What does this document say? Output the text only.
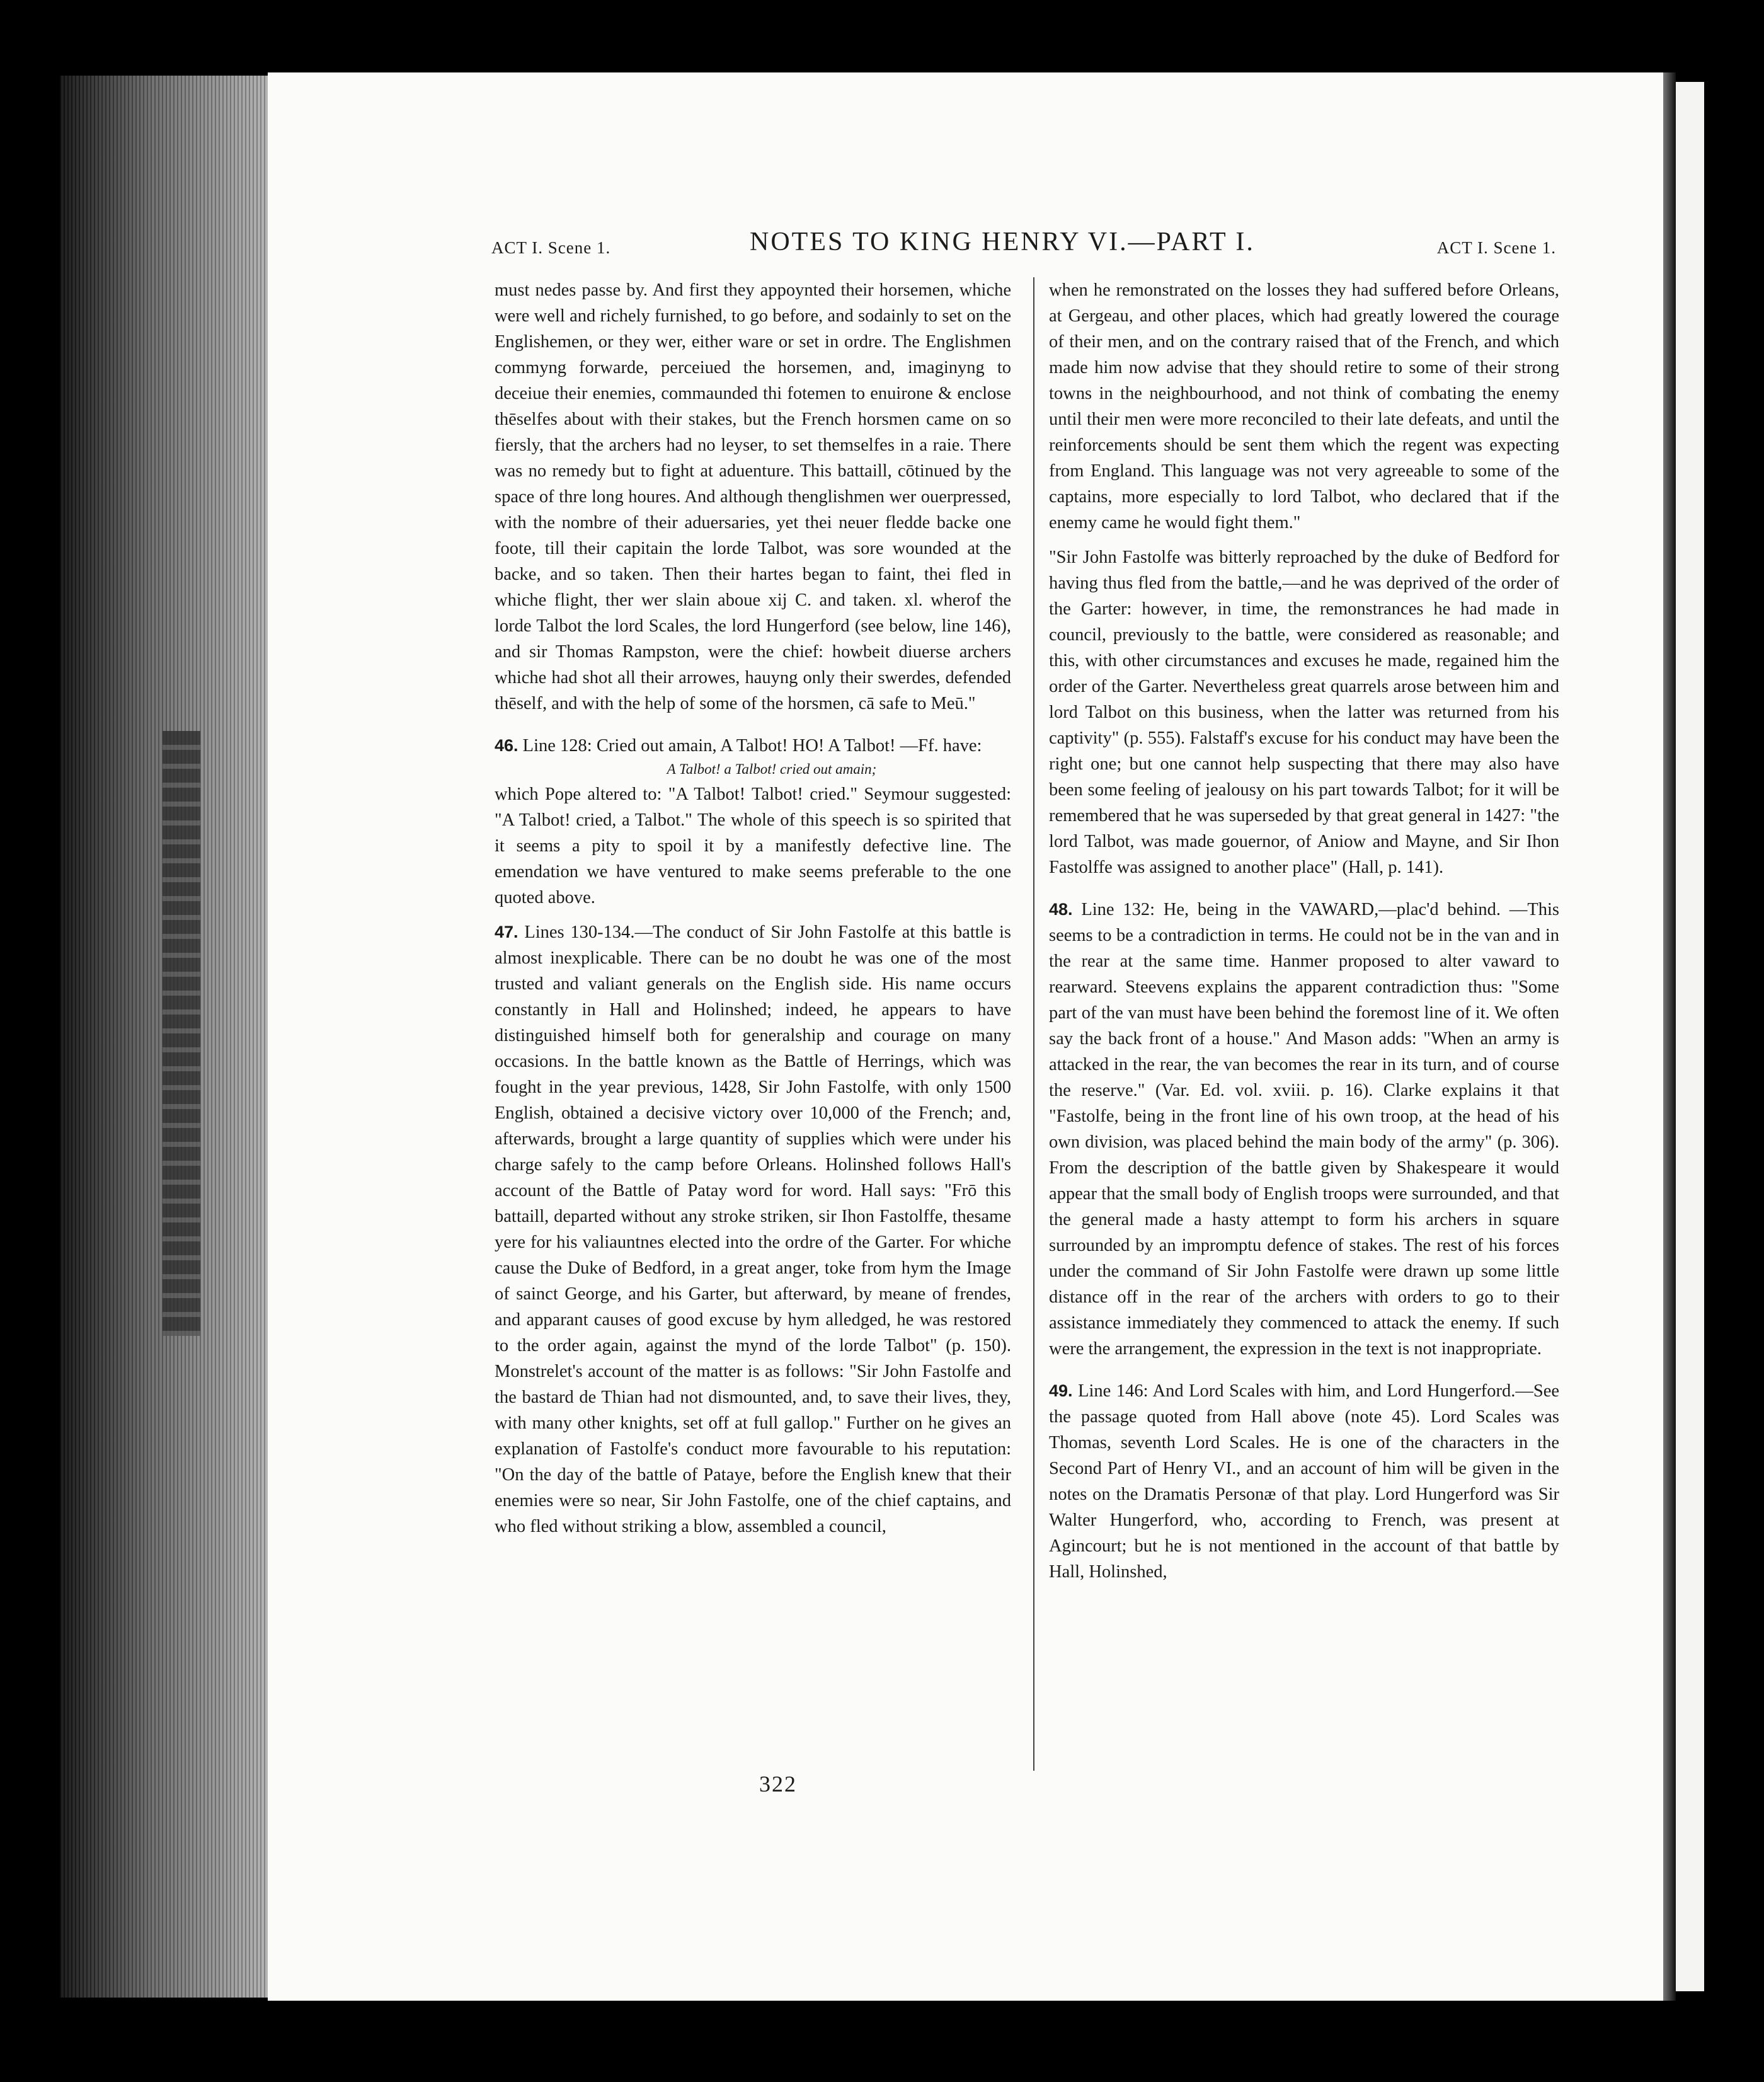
ACT I. Scene 1.	NOTES TO KING HENRY VI.—PART I.	ACT I. Scene 1.

must nedes passe by. And first they appoynted their horsemen, whiche were well and richely furnished, to go before, and sodainly to set on the Englishemen, or they wer, either ware or set in ordre. The Englishmen commyng forwarde, perceiued the horsemen, and, imaginyng to deceiue their enemies, commaunded thi fotemen to enuirone & enclose thēselfes about with their stakes, but the French horsmen came on so fiersly, that the archers had no leyser, to set themselfes in a raie. There was no remedy but to fight at aduenture. This battaill, cōtinued by the space of thre long houres. And although thenglishmen wer ouerpressed, with the nombre of their aduersaries, yet thei neuer fledde backe one foote, till their capitain the lorde Talbot, was sore wounded at the backe, and so taken. Then their hartes began to faint, thei fled in whiche flight, ther wer slain aboue xij C. and taken. xl. wherof the lorde Talbot the lord Scales, the lord Hungerford (see below, line 146), and sir Thomas Rampston, were the chief: howbeit diuerse archers whiche had shot all their arrowes, hauyng only their swerdes, defended thēself, and with the help of some of the horsmen, cā safe to Meū."

46. Line 128: Cried out amain, A Talbot! HO! A Talbot! —Ff. have:
A Talbot! a Talbot! cried out amain;
which Pope altered to: "A Talbot! Talbot! cried." Seymour suggested: "A Talbot! cried, a Talbot." The whole of this speech is so spirited that it seems a pity to spoil it by a manifestly defective line. The emendation we have ventured to make seems preferable to the one quoted above.

47. Lines 130-134.—The conduct of Sir John Fastolfe at this battle is almost inexplicable. There can be no doubt he was one of the most trusted and valiant generals on the English side. His name occurs constantly in Hall and Holinshed; indeed, he appears to have distinguished himself both for generalship and courage on many occasions. In the battle known as the Battle of Herrings, which was fought in the year previous, 1428, Sir John Fastolfe, with only 1500 English, obtained a decisive victory over 10,000 of the French; and, afterwards, brought a large quantity of supplies which were under his charge safely to the camp before Orleans. Holinshed follows Hall's account of the Battle of Patay word for word. Hall says: "Frō this battaill, departed without any stroke striken, sir Ihon Fastolffe, thesame yere for his valiauntnes elected into the ordre of the Garter. For whiche cause the Duke of Bedford, in a great anger, toke from hym the Image of sainct George, and his Garter, but afterward, by meane of frendes, and apparant causes of good excuse by hym alledged, he was restored to the order again, against the mynd of the lorde Talbot" (p. 150). Monstrelet's account of the matter is as follows: "Sir John Fastolfe and the bastard de Thian had not dismounted, and, to save their lives, they, with many other knights, set off at full gallop." Further on he gives an explanation of Fastolfe's conduct more favourable to his reputation: "On the day of the battle of Pataye, before the English knew that their enemies were so near, Sir John Fastolfe, one of the chief captains, and who fled without striking a blow, assembled a council,

when he remonstrated on the losses they had suffered before Orleans, at Gergeau, and other places, which had greatly lowered the courage of their men, and on the contrary raised that of the French, and which made him now advise that they should retire to some of their strong towns in the neighbourhood, and not think of combating the enemy until their men were more reconciled to their late defeats, and until the reinforcements should be sent them which the regent was expecting from England. This language was not very agreeable to some of the captains, more especially to lord Talbot, who declared that if the enemy came he would fight them."

"Sir John Fastolfe was bitterly reproached by the duke of Bedford for having thus fled from the battle,—and he was deprived of the order of the Garter: however, in time, the remonstrances he had made in council, previously to the battle, were considered as reasonable; and this, with other circumstances and excuses he made, regained him the order of the Garter. Nevertheless great quarrels arose between him and lord Talbot on this business, when the latter was returned from his captivity" (p. 555). Falstaff's excuse for his conduct may have been the right one; but one cannot help suspecting that there may also have been some feeling of jealousy on his part towards Talbot; for it will be remembered that he was superseded by that great general in 1427: "the lord Talbot, was made gouernor, of Aniow and Mayne, and Sir Ihon Fastolffe was assigned to another place" (Hall, p. 141).

48. Line 132: He, being in the VAWARD,—plac'd behind. —This seems to be a contradiction in terms. He could not be in the van and in the rear at the same time. Hanmer proposed to alter vaward to rearward. Steevens explains the apparent contradiction thus: "Some part of the van must have been behind the foremost line of it. We often say the back front of a house." And Mason adds: "When an army is attacked in the rear, the van becomes the rear in its turn, and of course the reserve." (Var. Ed. vol. xviii. p. 16). Clarke explains it that "Fastolfe, being in the front line of his own troop, at the head of his own division, was placed behind the main body of the army" (p. 306). From the description of the battle given by Shakespeare it would appear that the small body of English troops were surrounded, and that the general made a hasty attempt to form his archers in square surrounded by an impromptu defence of stakes. The rest of his forces under the command of Sir John Fastolfe were drawn up some little distance off in the rear of the archers with orders to go to their assistance immediately they commenced to attack the enemy. If such were the arrangement, the expression in the text is not inappropriate.

49. Line 146: And Lord Scales with him, and Lord Hungerford.—See the passage quoted from Hall above (note 45). Lord Scales was Thomas, seventh Lord Scales. He is one of the characters in the Second Part of Henry VI., and an account of him will be given in the notes on the Dramatis Personæ of that play. Lord Hungerford was Sir Walter Hungerford, who, according to French, was present at Agincourt; but he is not mentioned in the account of that battle by Hall, Holinshed,

322
